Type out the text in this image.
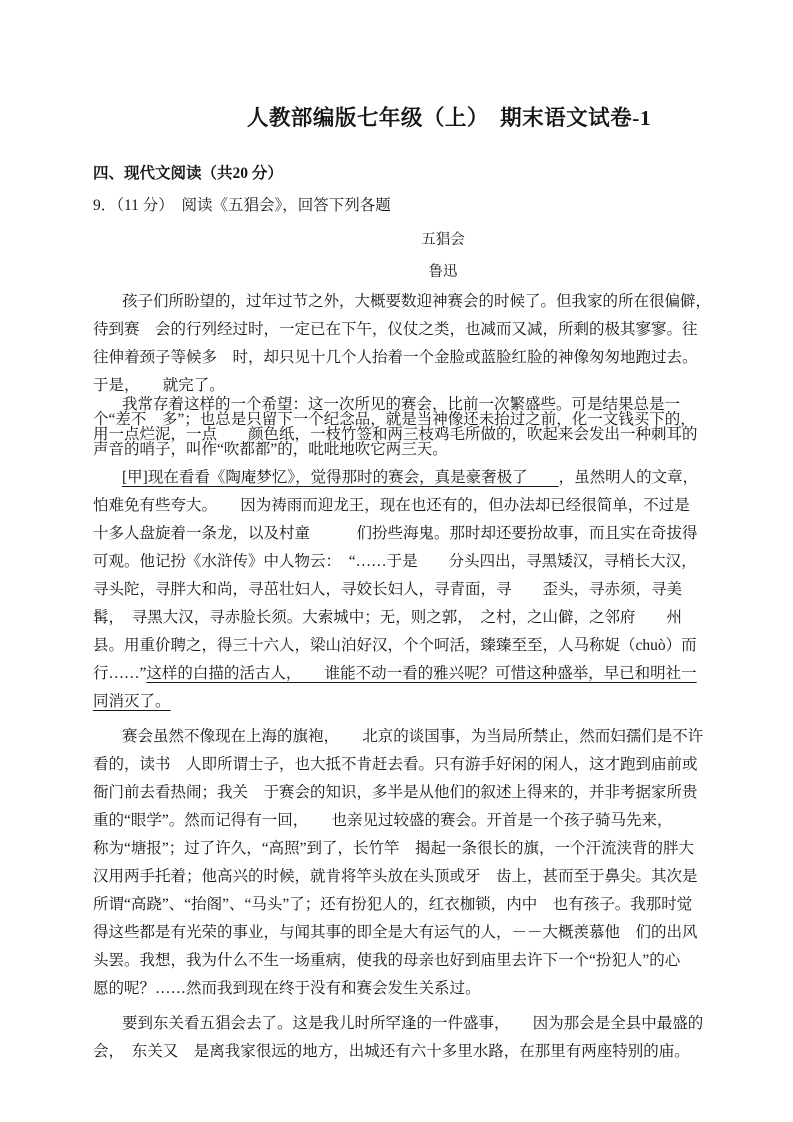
人教部编版七年级（上）　期末语文试卷-1
四、现代文阅读（共20 分）
9．（11 分）　阅读《五猖会》，回答下列各题
五猖会
鲁迅

孩子们所盼望的，过年过节之外，大概要数迎神赛会的时候了。但我家的所在很偏僻，　　待到赛　会的行列经过时，一定已在下午，仪仗之类，也减而又减，所剩的极其寥寥。往往伸着颈子等候多　时，却只见十几个人抬着一个金脸或蓝脸红脸的神像匆匆地跑过去。于是，　　就完了。

我常存着这样的一个希望：这一次所见的赛会，比前一次繁盛些。可是结果总是一个“差不　多”；也总是只留下一个纪念品，就是当神像还未抬过之前，化一文钱买下的，用一点烂泥，一点　　颜色纸，一枝竹签和两三枝鸡毛所做的，吹起来会发出一种刺耳的声音的哨子，叫作“吹都都”的，吡吡地吹它两三天。

[甲]现在看看《陶庵梦忆》，觉得那时的赛会，真是豪奢极了　　，虽然明人的文章，怕难免有些夸大。　　因为祷雨而迎龙王，现在也还有的，但办法却已经很简单，不过是十多人盘旋着一条龙，以及村童　　　们扮些海鬼。那时却还要扮故事，而且实在奇拔得可观。他记扮《水浒传》中人物云：　“……于是　　分头四出，寻黑矮汉，寻梢长大汉，寻头陀，寻胖大和尚，寻茁壮妇人，寻姣长妇人，寻青面，寻　　歪头，寻赤须，寻美髯，　寻黑大汉，寻赤脸长须。大索城中；无，则之郭，　之村，之山僻，之邻府　　州县。用重价聘之，得三十六人，梁山泊好汉，个个呵活，臻臻至至，人马称娖（chuò）而行……”这样的白描的活古人，　　谁能不动一看的雅兴呢？可惜这种盛举，早已和明社一同消灭了。

赛会虽然不像现在上海的旗袍，　　北京的谈国事，为当局所禁止，然而妇孺们是不许看的，读书　人即所谓士子，也大抵不肯赶去看。只有游手好闲的闲人，这才跑到庙前或衙门前去看热闹；我关　于赛会的知识，多半是从他们的叙述上得来的，并非考据家所贵重的“眼学”。然而记得有一回，　　也亲见过较盛的赛会。开首是一个孩子骑马先来，　　称为“塘报”；过了许久，“高照”到了，长竹竿　揭起一条很长的旗，一个汗流浃背的胖大汉用两手托着；他高兴的时候，就肯将竿头放在头顶或牙　齿上，甚而至于鼻尖。其次是所谓“高跷”、“抬阁”、“马头”了；还有扮犯人的，红衣枷锁，内中　也有孩子。我那时觉得这些都是有光荣的事业，与闻其事的即全是大有运气的人，－－大概羡慕他　们的出风头罢。我想，我为什么不生一场重病，使我的母亲也好到庙里去许下一个“扮犯人”的心　愿的呢？……然而我到现在终于没有和赛会发生关系过。

要到东关看五猖会去了。这是我儿时所罕逢的一件盛事，　　因为那会是全县中最盛的会，　东关又　是离我家很远的地方，出城还有六十多里水路，在那里有两座特别的庙。
